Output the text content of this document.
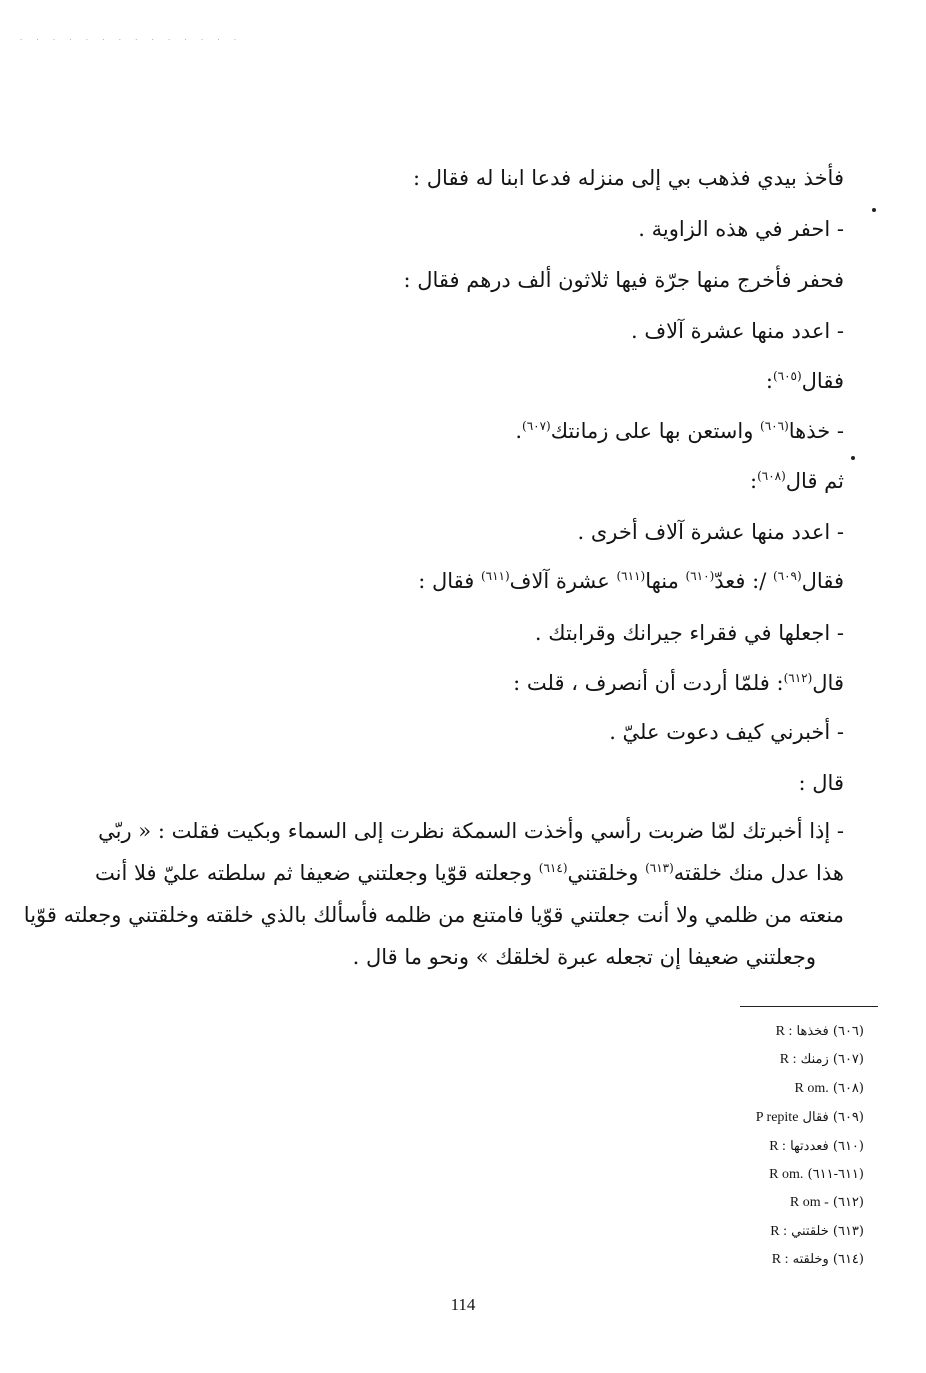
· · · · · · · · · · · · · ·
فأخذ بيدي فذهب بي إلى منزله فدعا ابنا له فقال :
- احفر في هذه الزاوية .
فحفر فأخرج منها جرّة فيها ثلاثون ألف درهم فقال :
- اعدد منها عشرة آلاف .
فقال$^{(٦٠٥)}$:
- خذها$^{(٦٠٦)}$ واستعن بها على زمانتك$^{(٦٠٧)}$.
ثم قال$^{(٦٠٨)}$:
- اعدد منها عشرة آلاف أخرى .
فقال$^{(٦٠٩)}$ /: فعدّ$^{(٦١٠)}$ منها$^{(٦١١)}$ عشرة آلاف$^{(٦١١)}$ فقال :
- اجعلها في فقراء جيرانك وقرابتك .
قال$^{(٦١٢)}$: فلمّا أردت أن أنصرف ، قلت :
- أخبرني كيف دعوت عليّ .
قال :
- إذا أخبرتك لمّا ضربت رأسي وأخذت السمكة نظرت إلى السماء وبكيت فقلت : « ربّي
هذا عدل منك خلقته$^{(٦١٣)}$ وخلقتني$^{(٦١٤)}$ وجعلته قوّيا وجعلتني ضعيفا ثم سلطته عليّ فلا أنت
منعته من ظلمي ولا أنت جعلتني قوّيا فامتنع من ظلمه فأسألك بالذي خلقته وخلقتني وجعلته قوّيا
وجعلتني ضعيفا إن تجعله عبرة لخلقك » ونحو ما قال .
(٦٠٦) فخذها R :
(٦٠٧) زمنك R :
(٦٠٨) R om.
(٦٠٩) فقال P repite
(٦١٠) فعددتها R :
(٦١١-٦١١) R om.
(٦١٢) R om -
(٦١٣) خلقتني R :
(٦١٤) وخلقته R :
114
